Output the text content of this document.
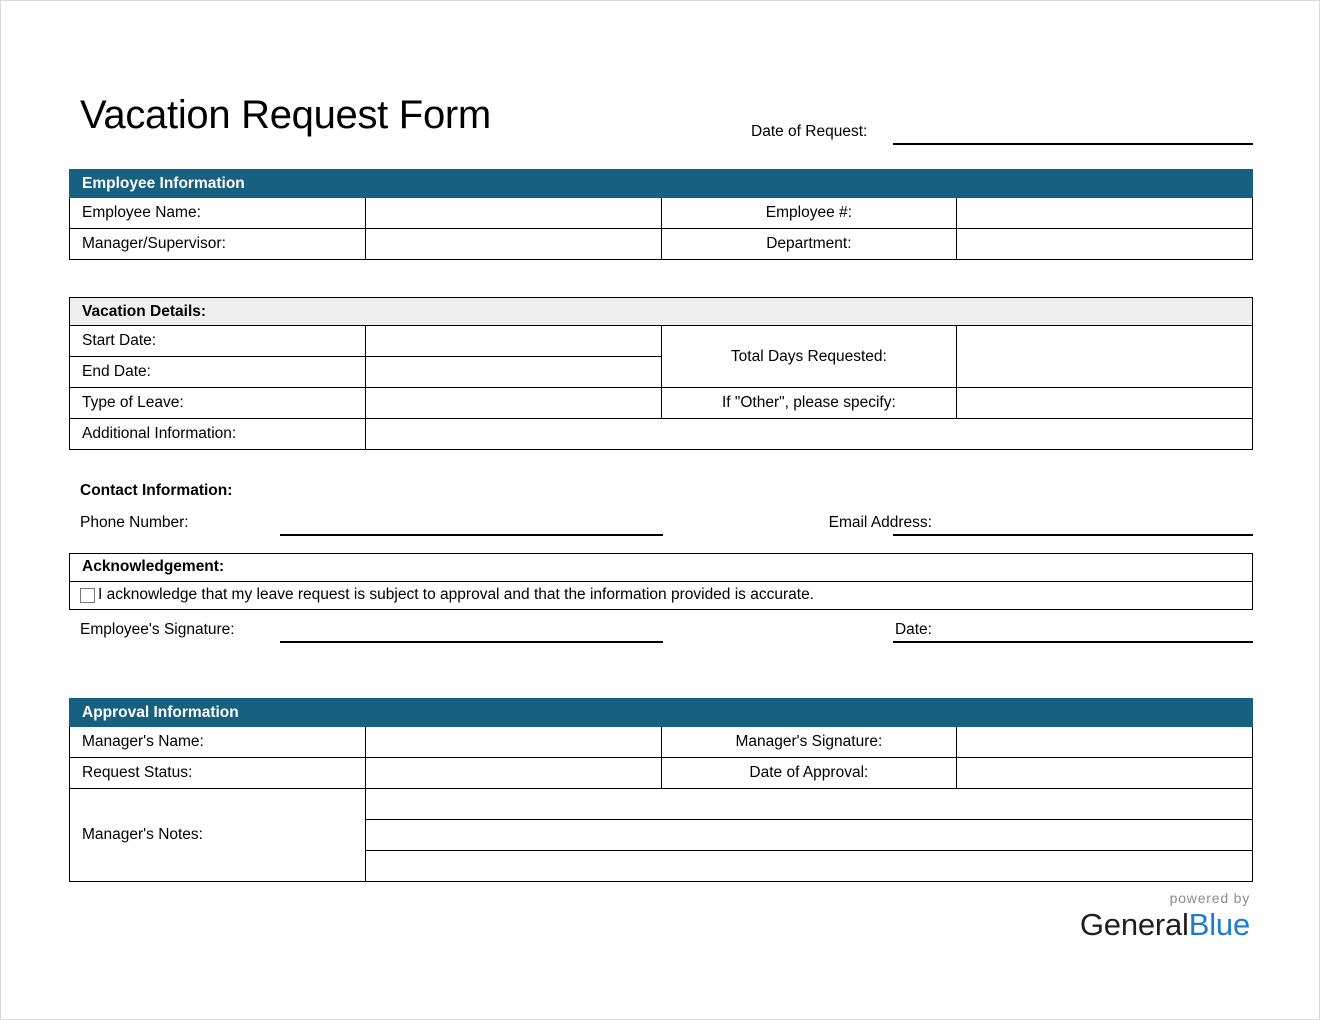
Vacation Request Form	Date of Request:
Employee Information			
Employee Name:		Employee #:	
Manager/Supervisor:		Department:	
Vacation Details:			
Start Date:		Total Days Requested:	
End Date:			
Type of Leave:		If "Other", please specify:	
Additional Information:			
Contact Information:
Phone Number:	Email Address:
Acknowledgement:
I acknowledge that my leave request is subject to approval and that the information provided is accurate.
Employee's Signature:	Date:
Approval Information			
Manager's Name:		Manager's Signature:	
Request Status:		Date of Approval:	
Manager's Notes:			

powered by
GeneralBlue
